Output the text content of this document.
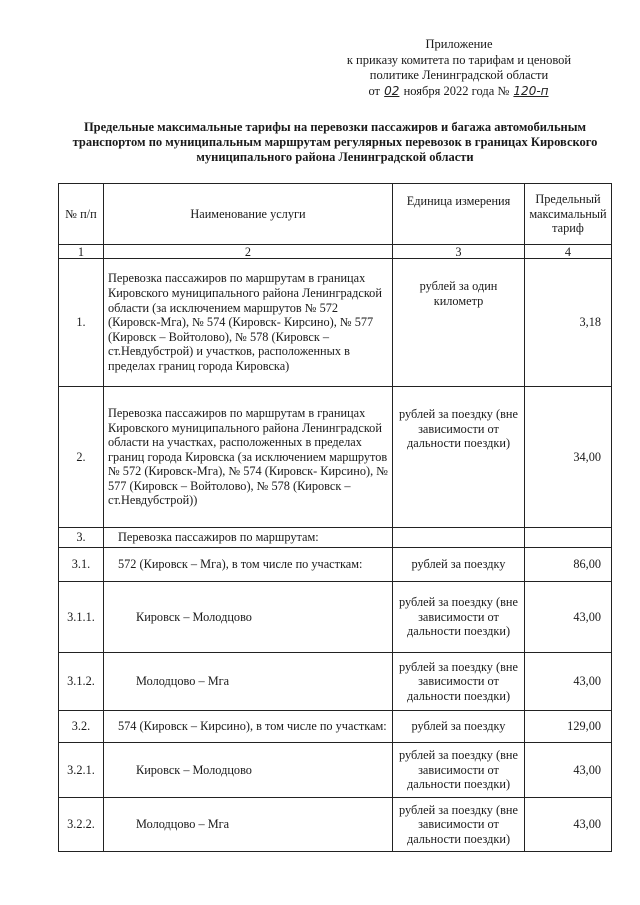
Приложение
к приказу комитета по тарифам и ценовой
политике Ленинградской области
от 02 ноября 2022 года № 120-п
Предельные максимальные тарифы на перевозки пассажиров и багажа автомобильным транспортом по муниципальным маршрутам регулярных перевозок в границах Кировского муниципального района Ленинградской области
№ п/п	Наименование услуги	Единица измерения	Предельный максимальный тариф
1	2	3	4
1.	Перевозка пассажиров по маршрутам в границах Кировского муниципального района Ленинградской области (за исключением маршрутов № 572 (Кировск-Мга), № 574 (Кировск- Кирсино), № 577 (Кировск – Войтолово), № 578 (Кировск – ст.Невдубстрой) и участков, расположенных в пределах границ города Кировска)	рублей за один километр	3,18
2.	Перевозка пассажиров по маршрутам в границах Кировского муниципального района Ленинградской области на участках, расположенных в пределах границ города Кировска (за исключением маршрутов № 572 (Кировск-Мга), № 574 (Кировск- Кирсино), № 577 (Кировск – Войтолово), № 578 (Кировск – ст.Невдубстрой))	рублей за поездку (вне зависимости от дальности поездки)	34,00
3.	Перевозка пассажиров по маршрутам:		
3.1.	572 (Кировск – Мга), в том числе по участкам:	рублей за поездку	86,00
3.1.1.	Кировск – Молодцово	рублей за поездку (вне зависимости от дальности поездки)	43,00
3.1.2.	Молодцово – Мга	рублей за поездку (вне зависимости от дальности поездки)	43,00
3.2.	574 (Кировск – Кирсино), в том числе по участкам:	рублей за поездку	129,00
3.2.1.	Кировск – Молодцово	рублей за поездку (вне зависимости от дальности поездки)	43,00
3.2.2.	Молодцово – Мга	рублей за поездку (вне зависимости от дальности поездки)	43,00
